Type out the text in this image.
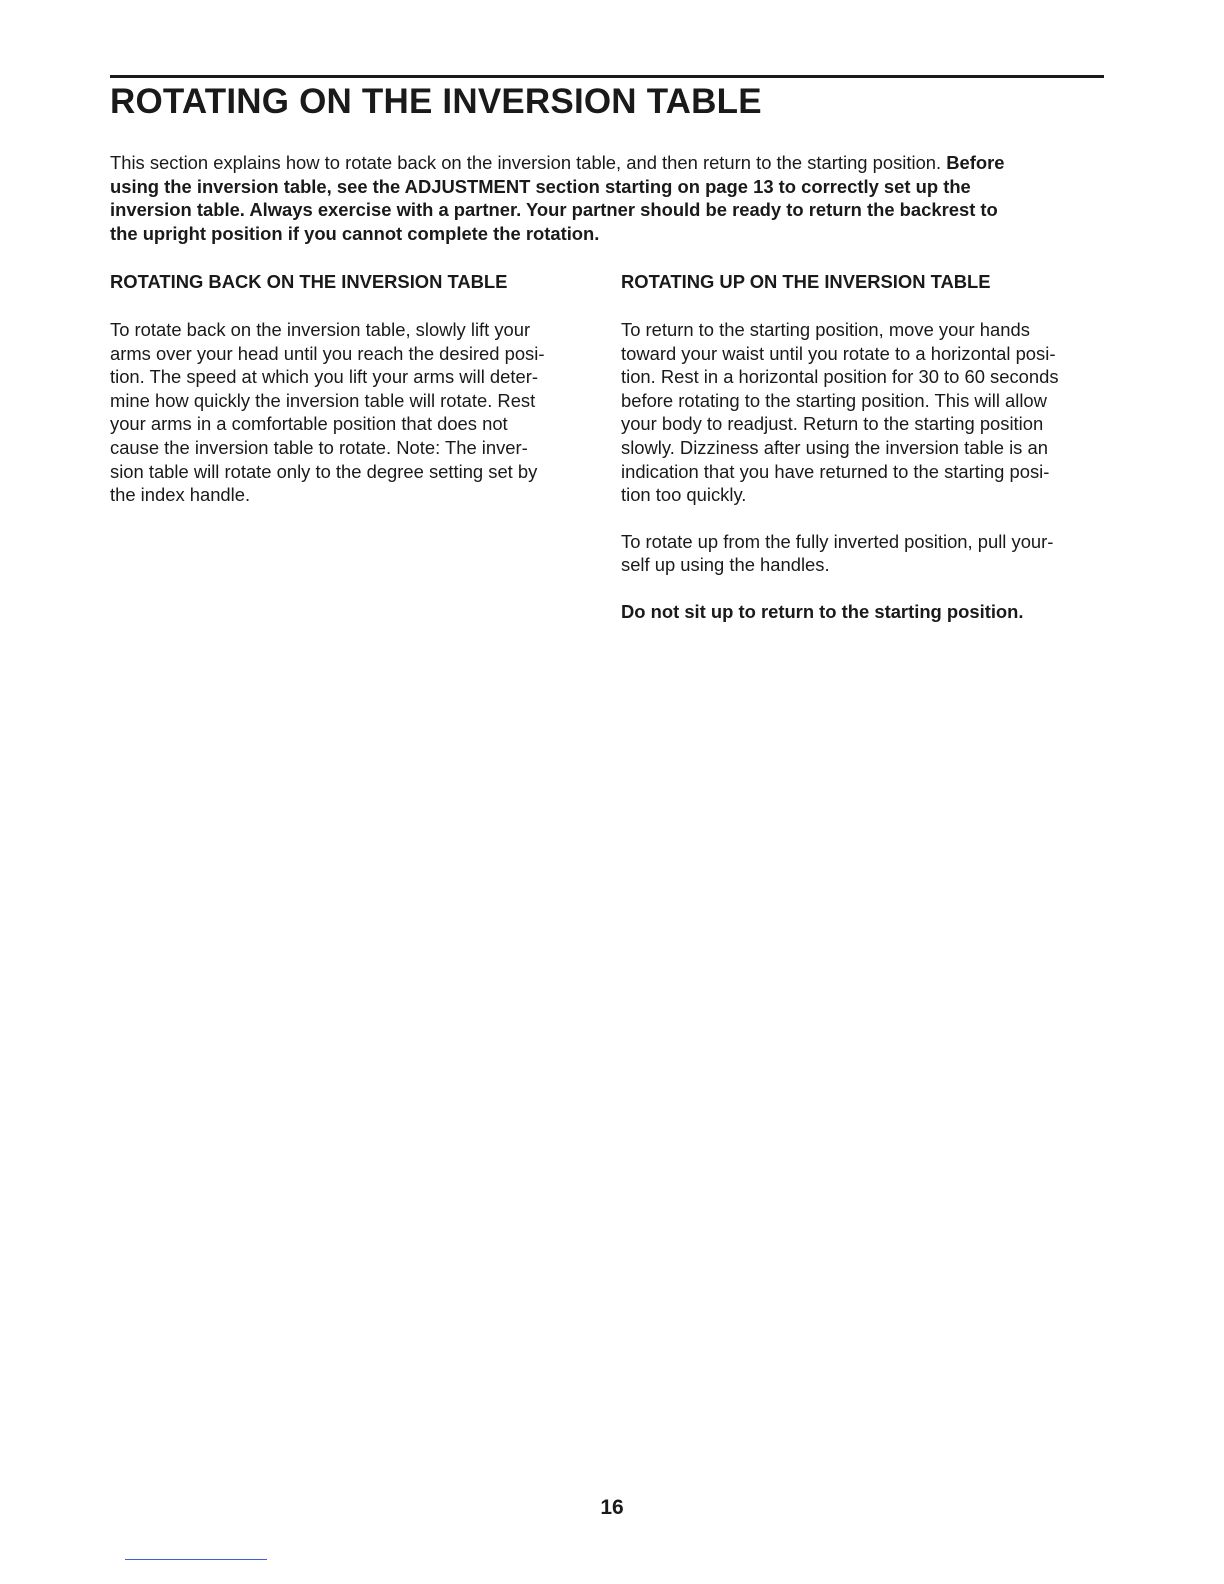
ROTATING ON THE INVERSION TABLE

This section explains how to rotate back on the inversion table, and then return to the starting position. Before
using the inversion table, see the ADJUSTMENT section starting on page 13 to correctly set up the
inversion table. Always exercise with a partner. Your partner should be ready to return the backrest to
the upright position if you cannot complete the rotation.

ROTATING BACK ON THE INVERSION TABLE

To rotate back on the inversion table, slowly lift your
arms over your head until you reach the desired posi-
tion. The speed at which you lift your arms will deter-
mine how quickly the inversion table will rotate. Rest
your arms in a comfortable position that does not
cause the inversion table to rotate. Note: The inver-
sion table will rotate only to the degree setting set by
the index handle.

ROTATING UP ON THE INVERSION TABLE

To return to the starting position, move your hands
toward your waist until you rotate to a horizontal posi-
tion. Rest in a horizontal position for 30 to 60 seconds
before rotating to the starting position. This will allow
your body to readjust. Return to the starting position
slowly. Dizziness after using the inversion table is an
indication that you have returned to the starting posi-
tion too quickly.

To rotate up from the fully inverted position, pull your-
self up using the handles.

Do not sit up to return to the starting position.

16
